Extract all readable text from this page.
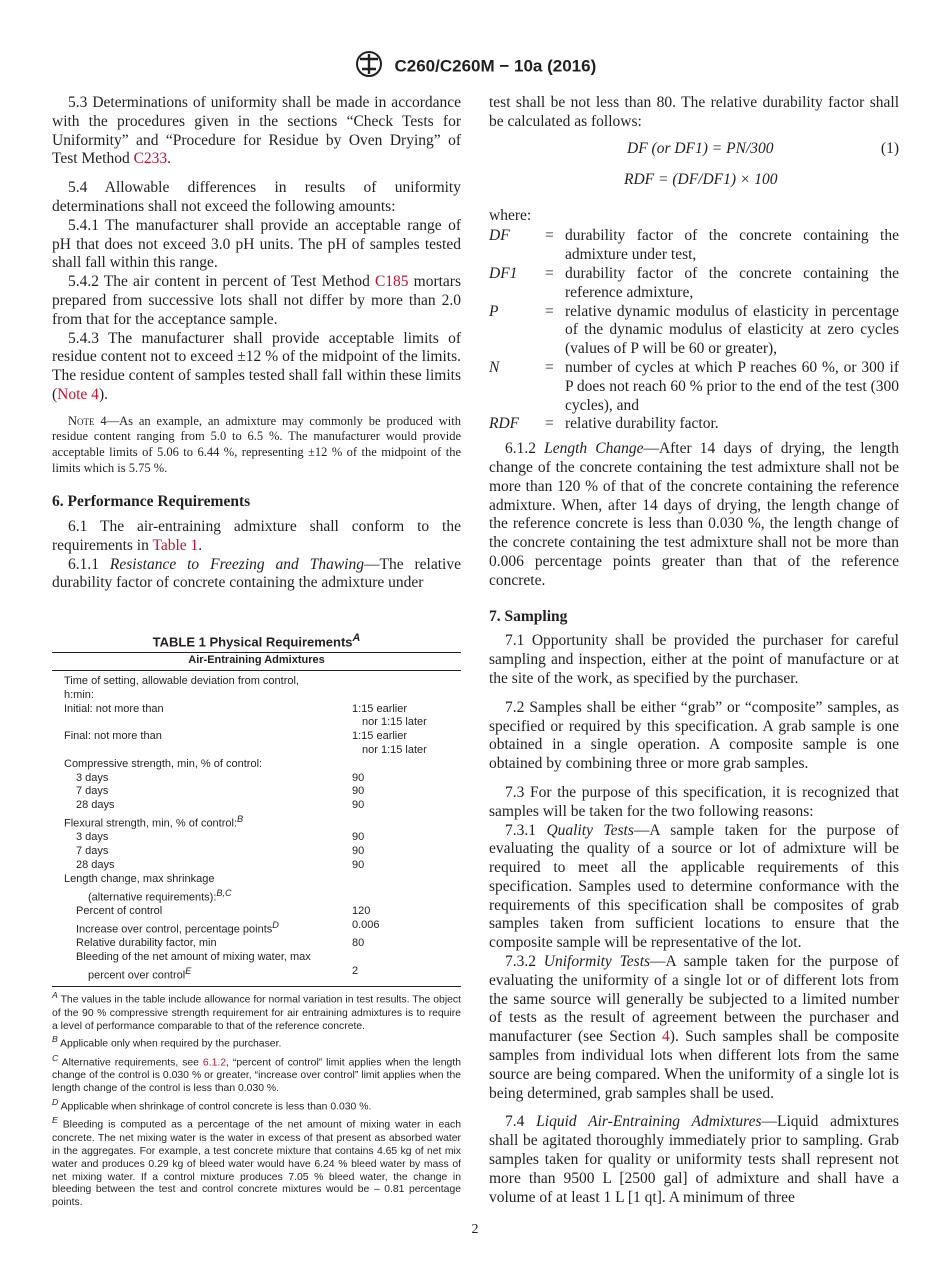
C260/C260M − 10a (2016)

5.3 Determinations of uniformity shall be made in accordance with the procedures given in the sections “Check Tests for Uniformity” and “Procedure for Residue by Oven Drying” of Test Method C233.

5.4 Allowable differences in results of uniformity determinations shall not exceed the following amounts:

5.4.1 The manufacturer shall provide an acceptable range of pH that does not exceed 3.0 pH units. The pH of samples tested shall fall within this range.

5.4.2 The air content in percent of Test Method C185 mortars prepared from successive lots shall not differ by more than 2.0 from that for the acceptance sample.

5.4.3 The manufacturer shall provide acceptable limits of residue content not to exceed ±12 % of the midpoint of the limits. The residue content of samples tested shall fall within these limits (Note 4).

Note 4—As an example, an admixture may commonly be produced with residue content ranging from 5.0 to 6.5 %. The manufacturer would provide acceptable limits of 5.06 to 6.44 %, representing ±12 % of the midpoint of the limits which is 5.75 %.

6. Performance Requirements

6.1 The air-entraining admixture shall conform to the requirements in Table 1.

6.1.1 Resistance to Freezing and Thawing—The relative durability factor of concrete containing the admixture under

TABLE 1 Physical Requirements$^A$
Air-Entraining Admixtures
Time of setting, allowable deviation from control,	
h:min:	
Initial: not more than	1:15 earlier
	nor 1:15 later
Final: not more than	1:15 earlier
	nor 1:15 later
Compressive strength, min, % of control:	
3 days	90
7 days	90
28 days	90
Flexural strength, min, % of control:$^B$	
3 days	90
7 days	90
28 days	90
Length change, max shrinkage	
(alternative requirements):$^{B,C}$	
Percent of control	120
Increase over control, percentage points$^D$	0.006
Relative durability factor, min	80
Bleeding of the net amount of mixing water, max	
percent over control$^E$	2
$^A$ The values in the table include allowance for normal variation in test results. The object of the 90 % compressive strength requirement for air entraining admixtures is to require a level of performance comparable to that of the reference concrete.
$^B$ Applicable only when required by the purchaser.
$^C$ Alternative requirements, see 6.1.2, “percent of control” limit applies when the length change of the control is 0.030 % or greater, “increase over control” limit applies when the length change of the control is less than 0.030 %.
$^D$ Applicable when shrinkage of control concrete is less than 0.030 %.
$^E$ Bleeding is computed as a percentage of the net amount of mixing water in each concrete. The net mixing water is the water in excess of that present as absorbed water in the aggregates. For example, a test concrete mixture that contains 4.65 kg of net mix water and produces 0.29 kg of bleed water would have 6.24 % bleed water by mass of net mixing water. If a control mixture produces 7.05 % bleed water, the change in bleeding between the test and control concrete mixtures would be – 0.81 percentage points.

test shall be not less than 80. The relative durability factor shall be calculated as follows:

DF (or DF1) = PN/300	(1)
RDF = (DF/DF1) × 100

where:

DF	= durability factor of the concrete containing the admixture under test,
DF1	= durability factor of the concrete containing the reference admixture,
P	= relative dynamic modulus of elasticity in percentage of the dynamic modulus of elasticity at zero cycles (values of P will be 60 or greater),
N	= number of cycles at which P reaches 60 %, or 300 if P does not reach 60 % prior to the end of the test (300 cycles), and
RDF	= relative durability factor.

6.1.2 Length Change—After 14 days of drying, the length change of the concrete containing the test admixture shall not be more than 120 % of that of the concrete containing the reference admixture. When, after 14 days of drying, the length change of the reference concrete is less than 0.030 %, the length change of the concrete containing the test admixture shall not be more than 0.006 percentage points greater than that of the reference concrete.

7. Sampling

7.1 Opportunity shall be provided the purchaser for careful sampling and inspection, either at the point of manufacture or at the site of the work, as specified by the purchaser.

7.2 Samples shall be either “grab” or “composite” samples, as specified or required by this specification. A grab sample is one obtained in a single operation. A composite sample is one obtained by combining three or more grab samples.

7.3 For the purpose of this specification, it is recognized that samples will be taken for the two following reasons:

7.3.1 Quality Tests—A sample taken for the purpose of evaluating the quality of a source or lot of admixture will be required to meet all the applicable requirements of this specification. Samples used to determine conformance with the requirements of this specification shall be composites of grab samples taken from sufficient locations to ensure that the composite sample will be representative of the lot.

7.3.2 Uniformity Tests—A sample taken for the purpose of evaluating the uniformity of a single lot or of different lots from the same source will generally be subjected to a limited number of tests as the result of agreement between the purchaser and manufacturer (see Section 4). Such samples shall be composite samples from individual lots when different lots from the same source are being compared. When the uniformity of a single lot is being determined, grab samples shall be used.

7.4 Liquid Air-Entraining Admixtures—Liquid admixtures shall be agitated thoroughly immediately prior to sampling. Grab samples taken for quality or uniformity tests shall represent not more than 9500 L [2500 gal] of admixture and shall have a volume of at least 1 L [1 qt]. A minimum of three

2
